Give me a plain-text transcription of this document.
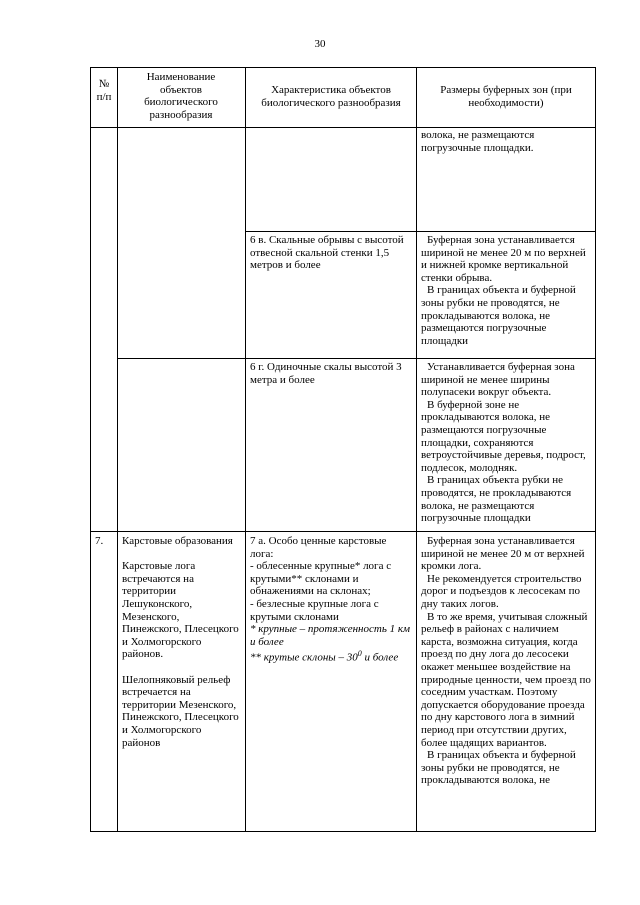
30
№
п/п
Наименование объектов биологического разнообразия
Характеристика объектов биологического разнообразия
Размеры буферных зон (при необходимости)
волока, не размещаются погрузочные площадки.
6 в. Скальные обрывы с высотой отвесной скальной стенки 1,5 метров и более
Буферная зона устанавливается шириной не менее 20 м по верхней и нижней кромке вертикальной стенки обрыва.
В границах объекта и буферной зоны рубки не проводятся, не прокладываются волока, не размещаются погрузочные площадки
6 г. Одиночные скалы высотой 3 метра и более
Устанавливается буферная зона шириной не менее ширины полупасеки вокруг объекта.
В буферной зоне не прокладываются волока, не размещаются погрузочные площадки, сохраняются ветроустойчивые деревья, подрост, подлесок, молодняк.
В границах объекта рубки не проводятся, не прокладываются волока, не размещаются погрузочные площадки
7.	Карстовые образования
Карстовые лога встречаются на территории Лешуконского, Мезенского, Пинежского, Плесецкого и Холмогорского районов.
Шелопняковый рельеф встречается на территории Мезенского, Пинежского, Плесецкого и Холмогорского районов
7 а. Особо ценные карстовые лога:
- облесенные крупные* лога с крутыми** склонами и обнажениями на склонах;
- безлесные крупные лога с крутыми склонами
* крупные – протяженность 1 км и более
** крутые склоны – $30^0$ и более
Буферная зона устанавливается шириной не менее 20 м от верхней кромки лога.
Не рекомендуется строительство дорог и подъездов к лесосекам по дну таких логов.
В то же время, учитывая сложный рельеф в районах с наличием карста, возможна ситуация, когда проезд по дну лога до лесосеки окажет меньшее воздействие на природные ценности, чем проезд по соседним участкам. Поэтому допускается оборудование проезда по дну карстового лога в зимний период при отсутствии других, более щадящих вариантов.
В границах объекта и буферной зоны рубки не проводятся, не прокладываются волока, не
